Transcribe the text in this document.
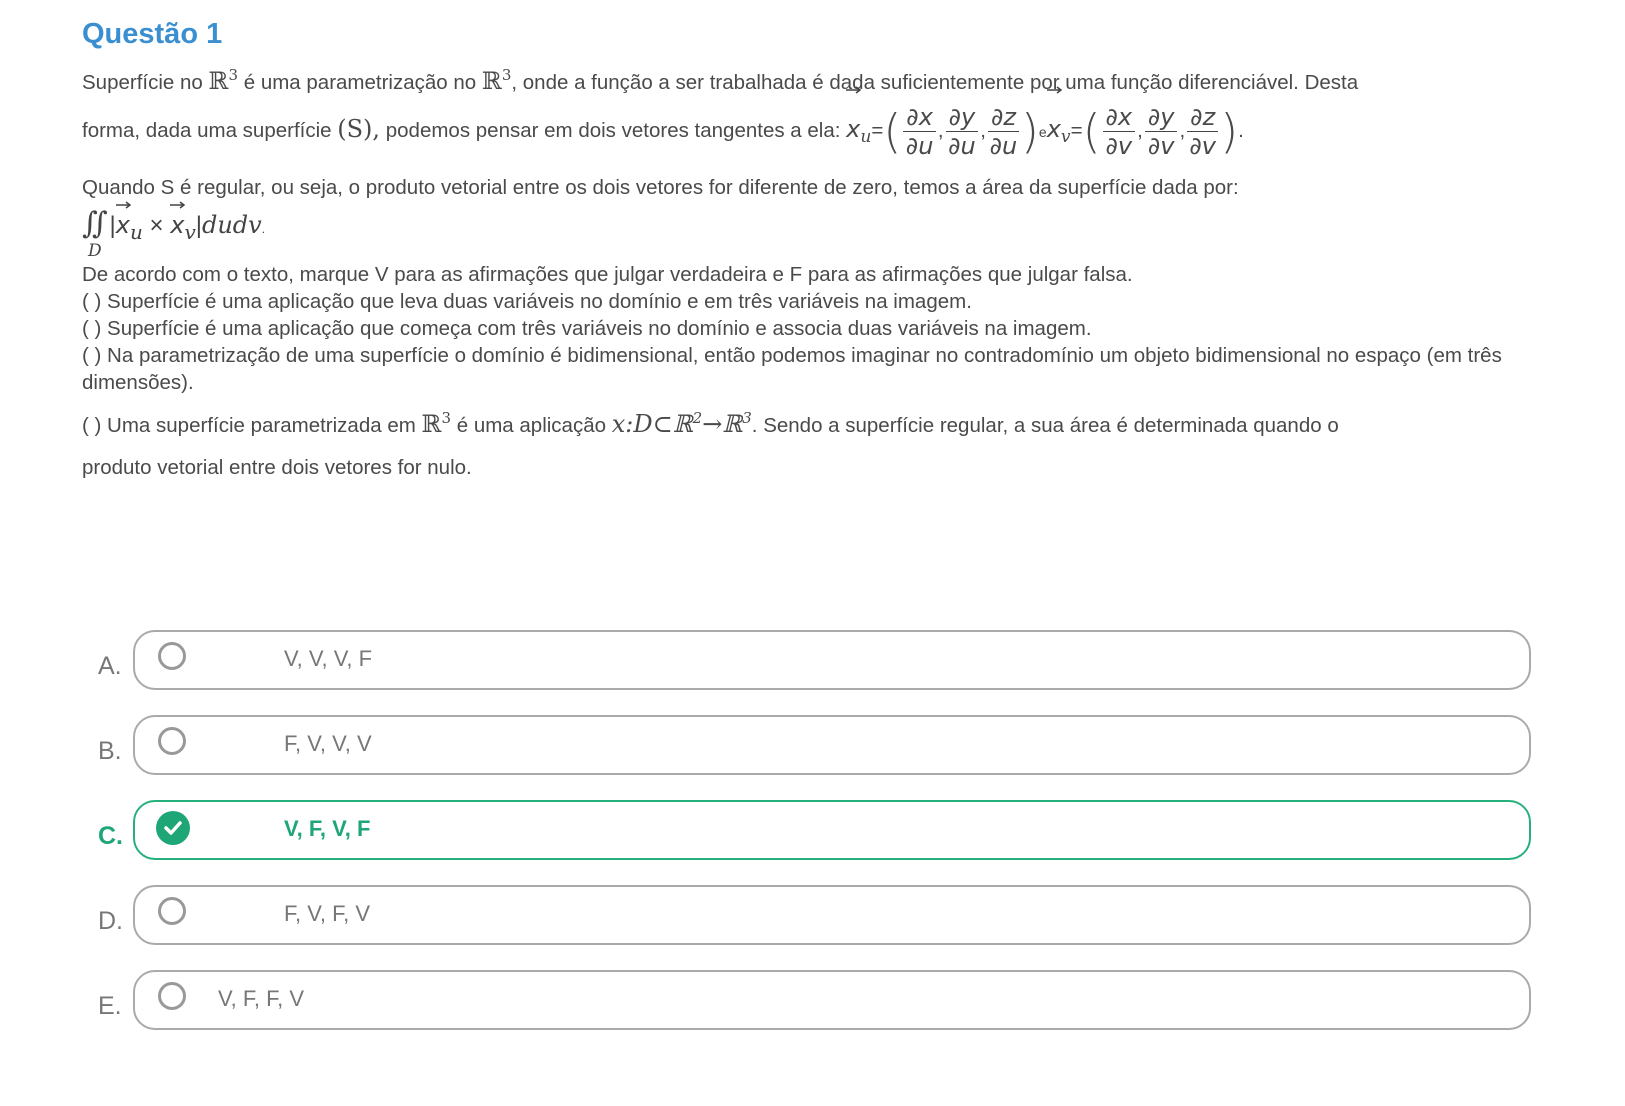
Questão 1
Superfície no ℝ$^3$ é uma parametrização no ℝ$^3$, onde a função a ser trabalhada é dada suficientemente por uma função diferenciável. Desta
forma, dada uma superfície (S), podemos pensar em dois vetores tangentes a ela: x
$_u=( \frac{\partial x}{\partial u}$ , $\frac{\partial y}{\partial u}$ , $\frac{\partial z}{\partial u} )ex$
$_v=( \frac{\partial x}{\partial v}$ , $\frac{\partial y}{\partial v}$ , $\frac{\partial z}{\partial v}$ ).
Quando S é regular, ou seja, o produto vetorial entre os dois vetores for diferente de zero, temos a área da superfície dada por:
∬
D
|x
$_u$ × x
$_v$|dudv.
De acordo com o texto, marque V para as afirmações que julgar verdadeira e F para as afirmações que julgar falsa.
( ) Superfície é uma aplicação que leva duas variáveis no domínio e em três variáveis na imagem.
( ) Superfície é uma aplicação que começa com três variáveis no domínio e associa duas variáveis na imagem.
( ) Na parametrização de uma superfície o domínio é bidimensional, então podemos imaginar no contradomínio um objeto bidimensional no espaço (em três dimensões).
( ) Uma superfície parametrizada em ℝ$^3$ é uma aplicação x:D⊂ℝ$^2$→ℝ$^3$. Sendo a superfície regular, a sua área é determinada quando o
produto vetorial entre dois vetores for nulo.
A.	V, V, V, F
B.	F, V, V, V
C.	V, F, V, F
D.	F, V, F, V
E.	V, F, F, V
